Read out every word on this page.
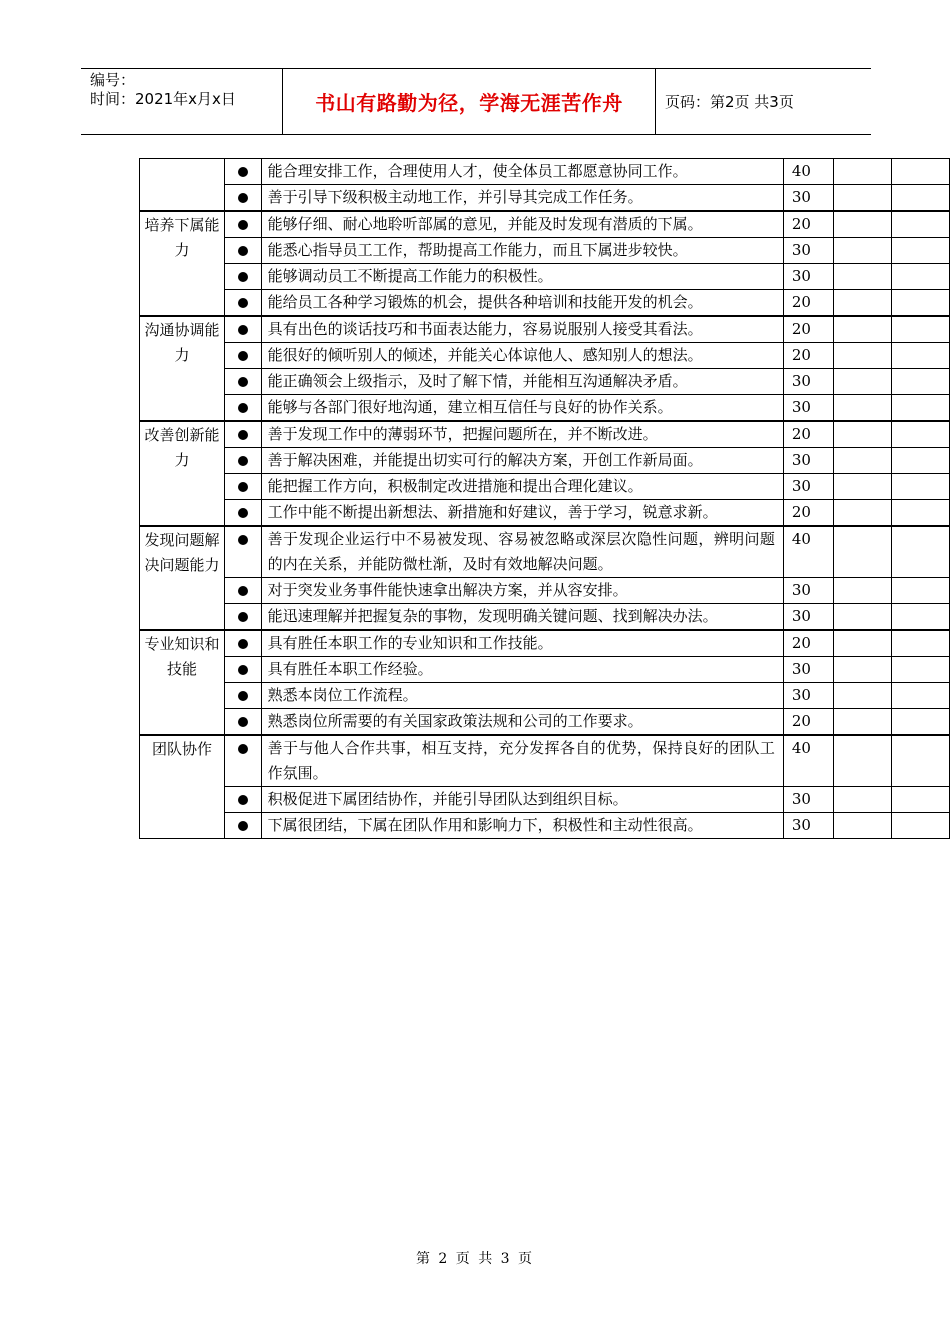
编号：
时间：2021年x月x日	书山有路勤为径，学海无涯苦作舟	页码：第2页 共3页
		能合理安排工作，合理使用人才，使全体员工都愿意协同工作。	40		
		善于引导下级积极主动地工作，并引导其完成工作任务。	30		
培养下属能力		能够仔细、耐心地聆听部属的意见，并能及时发现有潜质的下属。	20		
		能悉心指导员工工作，帮助提高工作能力，而且下属进步较快。	30		
		能够调动员工不断提高工作能力的积极性。	30		
		能给员工各种学习锻炼的机会，提供各种培训和技能开发的机会。	20		
沟通协调能力		具有出色的谈话技巧和书面表达能力，容易说服别人接受其看法。	20		
		能很好的倾听别人的倾述，并能关心体谅他人、感知别人的想法。	20		
		能正确领会上级指示，及时了解下情，并能相互沟通解决矛盾。	30		
		能够与各部门很好地沟通，建立相互信任与良好的协作关系。	30		
改善创新能力		善于发现工作中的薄弱环节，把握问题所在，并不断改进。	20		
		善于解决困难，并能提出切实可行的解决方案，开创工作新局面。	30		
		能把握工作方向，积极制定改进措施和提出合理化建议。	30		
		工作中能不断提出新想法、新措施和好建议，善于学习，锐意求新。	20		
发现问题解决问题能力		善于发现企业运行中不易被发现、容易被忽略或深层次隐性问题，辨明问题的内在关系，并能防微杜渐，及时有效地解决问题。	40		
		对于突发业务事件能快速拿出解决方案，并从容安排。	30		
		能迅速理解并把握复杂的事物，发现明确关键问题、找到解决办法。	30		
专业知识和技能		具有胜任本职工作的专业知识和工作技能。	20		
		具有胜任本职工作经验。	30		
		熟悉本岗位工作流程。	30		
		熟悉岗位所需要的有关国家政策法规和公司的工作要求。	20		
团队协作		善于与他人合作共事，相互支持，充分发挥各自的优势，保持良好的团队工作氛围。	40		
		积极促进下属团结协作，并能引导团队达到组织目标。	30		
		下属很团结，下属在团队作用和影响力下，积极性和主动性很高。	30		
第 2 页 共 3 页
